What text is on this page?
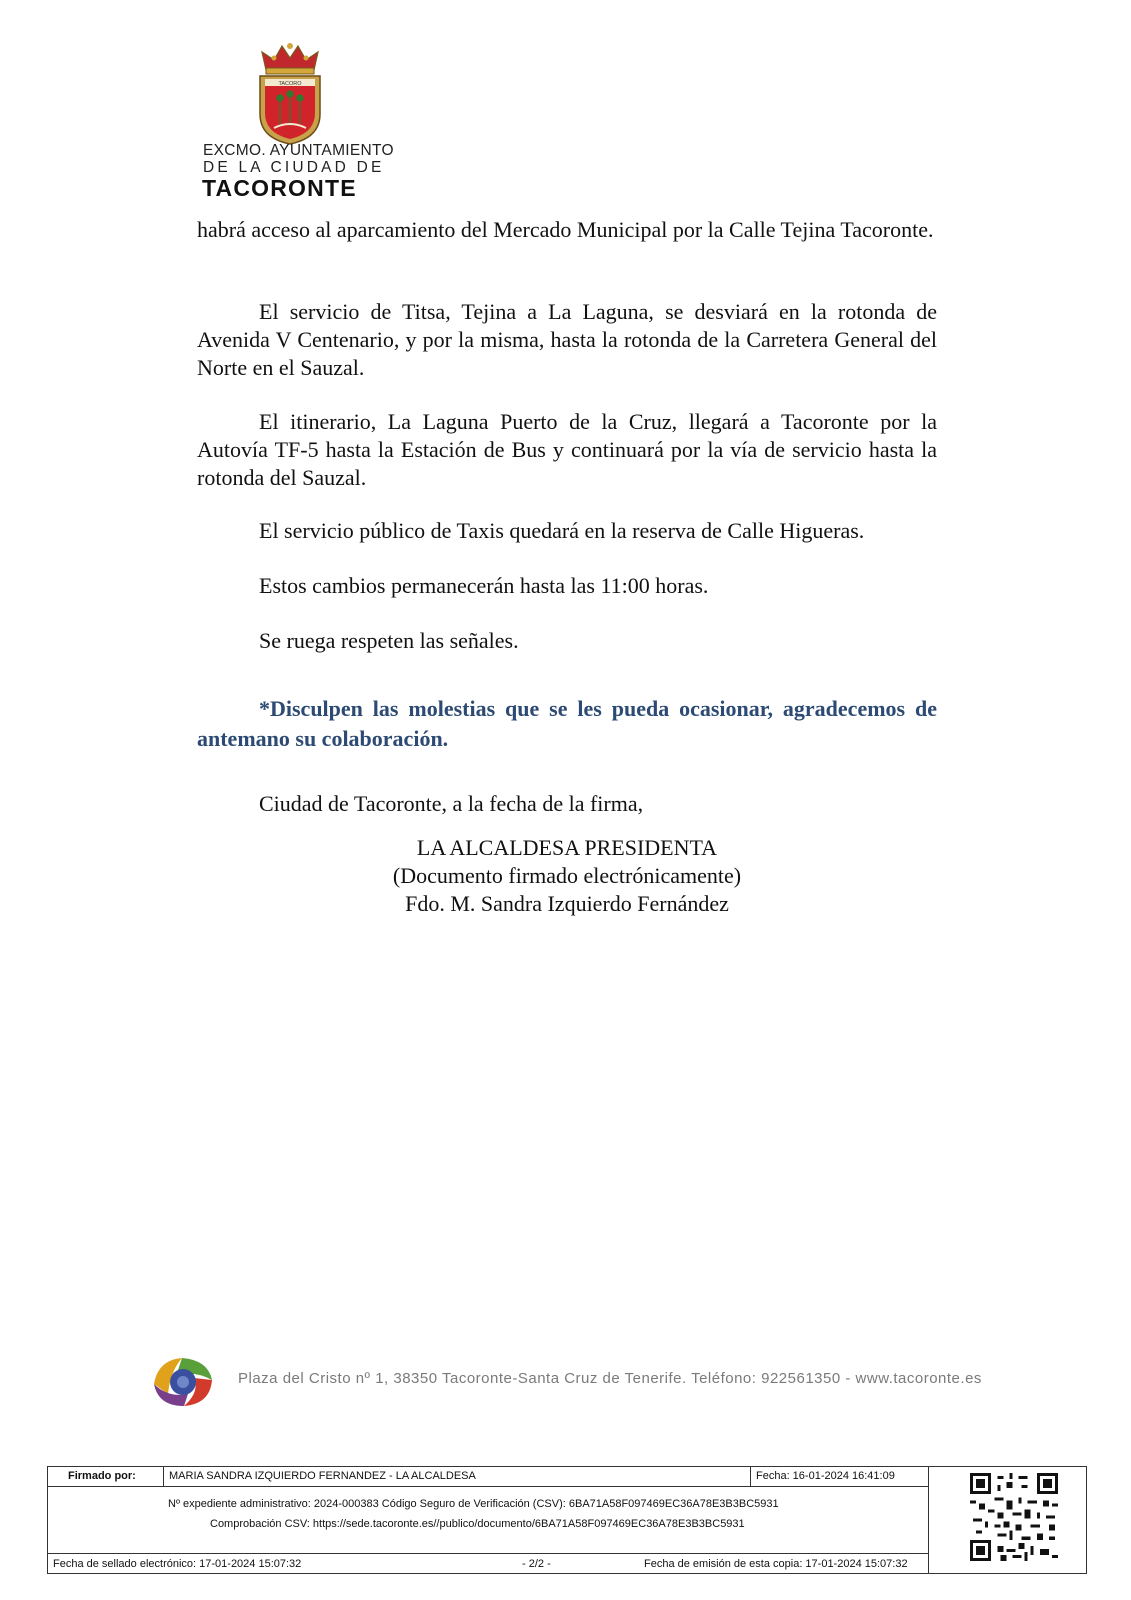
TACORO
EXCMO. AYUNTAMIENTO
DE LA CIUDAD DE
TACORONTE

habrá acceso al aparcamiento del Mercado Municipal por la Calle Tejina Tacoronte.

El servicio de Titsa, Tejina a La Laguna, se desviará en la rotonda de Avenida V Centenario, y por la misma, hasta la rotonda de la Carretera General del Norte en el Sauzal.

El itinerario, La Laguna Puerto de la Cruz, llegará a Tacoronte por la Autovía TF-5 hasta la Estación de Bus y continuará por la vía de servicio hasta la rotonda del Sauzal.

El servicio público de Taxis quedará en la reserva de Calle Higueras.

Estos cambios permanecerán hasta las 11:00 horas.

Se ruega respeten las señales.

*Disculpen las molestias que se les pueda ocasionar, agradecemos de antemano su colaboración.

Ciudad de Tacoronte, a la fecha de la firma,

LA ALCALDESA PRESIDENTA
(Documento firmado electrónicamente)
Fdo. M. Sandra Izquierdo Fernández
Plaza del Cristo nº 1, 38350 Tacoronte-Santa Cruz de Tenerife. Teléfono: 922561350 - www.tacoronte.es
Firmado por:	MARIA SANDRA IZQUIERDO FERNANDEZ - LA ALCALDESA	Fecha: 16-01-2024 16:41:09
Nº expediente administrativo: 2024-000383 Código Seguro de Verificación (CSV): 6BA71A58F097469EC36A78E3B3BC5931
Comprobación CSV: https://sede.tacoronte.es//publico/documento/6BA71A58F097469EC36A78E3B3BC5931
Fecha de sellado electrónico: 17-01-2024 15:07:32	- 2/2 -	Fecha de emisión de esta copia: 17-01-2024 15:07:32
